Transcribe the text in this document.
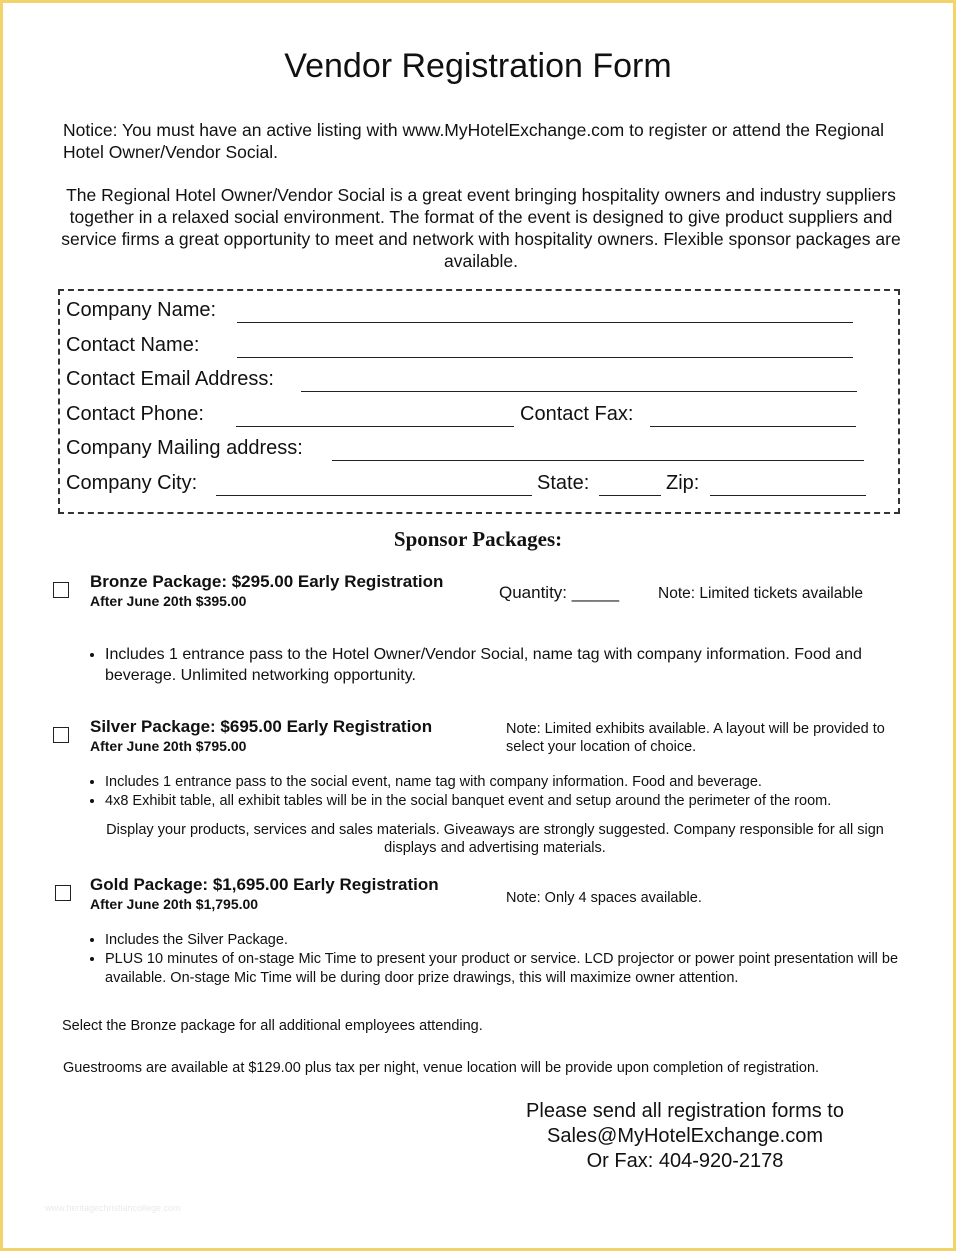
Vendor Registration Form
Notice: You must have an active listing with www.MyHotelExchange.com to register or attend the Regional Hotel Owner/Vendor Social.
The Regional Hotel Owner/Vendor Social is a great event bringing hospitality owners and industry suppliers together in a relaxed social environment. The format of the event is designed to give product suppliers and service firms a great opportunity to meet and network with hospitality owners. Flexible sponsor packages are available.
Company Name:
Contact Name:
Contact Email Address:
Contact Phone:	Contact Fax:
Company Mailing address:
Company City:	State:	Zip:
Sponsor Packages:
Bronze Package: $295.00 Early Registration
After June 20th $395.00	Quantity: _____	Note: Limited tickets available
• Includes 1 entrance pass to the Hotel Owner/Vendor Social, name tag with company information. Food and beverage. Unlimited networking opportunity.
Silver Package: $695.00 Early Registration
After June 20th $795.00
Note: Limited exhibits available. A layout will be provided to select your location of choice.
• Includes 1 entrance pass to the social event, name tag with company information. Food and beverage.
• 4x8 Exhibit table, all exhibit tables will be in the social banquet event and setup around the perimeter of the room.
Display your products, services and sales materials. Giveaways are strongly suggested. Company responsible for all sign displays and advertising materials.
Gold Package: $1,695.00 Early Registration
After June 20th $1,795.00	Note: Only 4 spaces available.
• Includes the Silver Package.
• PLUS 10 minutes of on-stage Mic Time to present your product or service. LCD projector or power point presentation will be available. On-stage Mic Time will be during door prize drawings, this will maximize owner attention.
Select the Bronze package for all additional employees attending.
Guestrooms are available at $129.00 plus tax per night, venue location will be provide upon completion of registration.
Please send all registration forms to
Sales@MyHotelExchange.com
Or Fax: 404-920-2178
www.heritagechristiancollege.com
